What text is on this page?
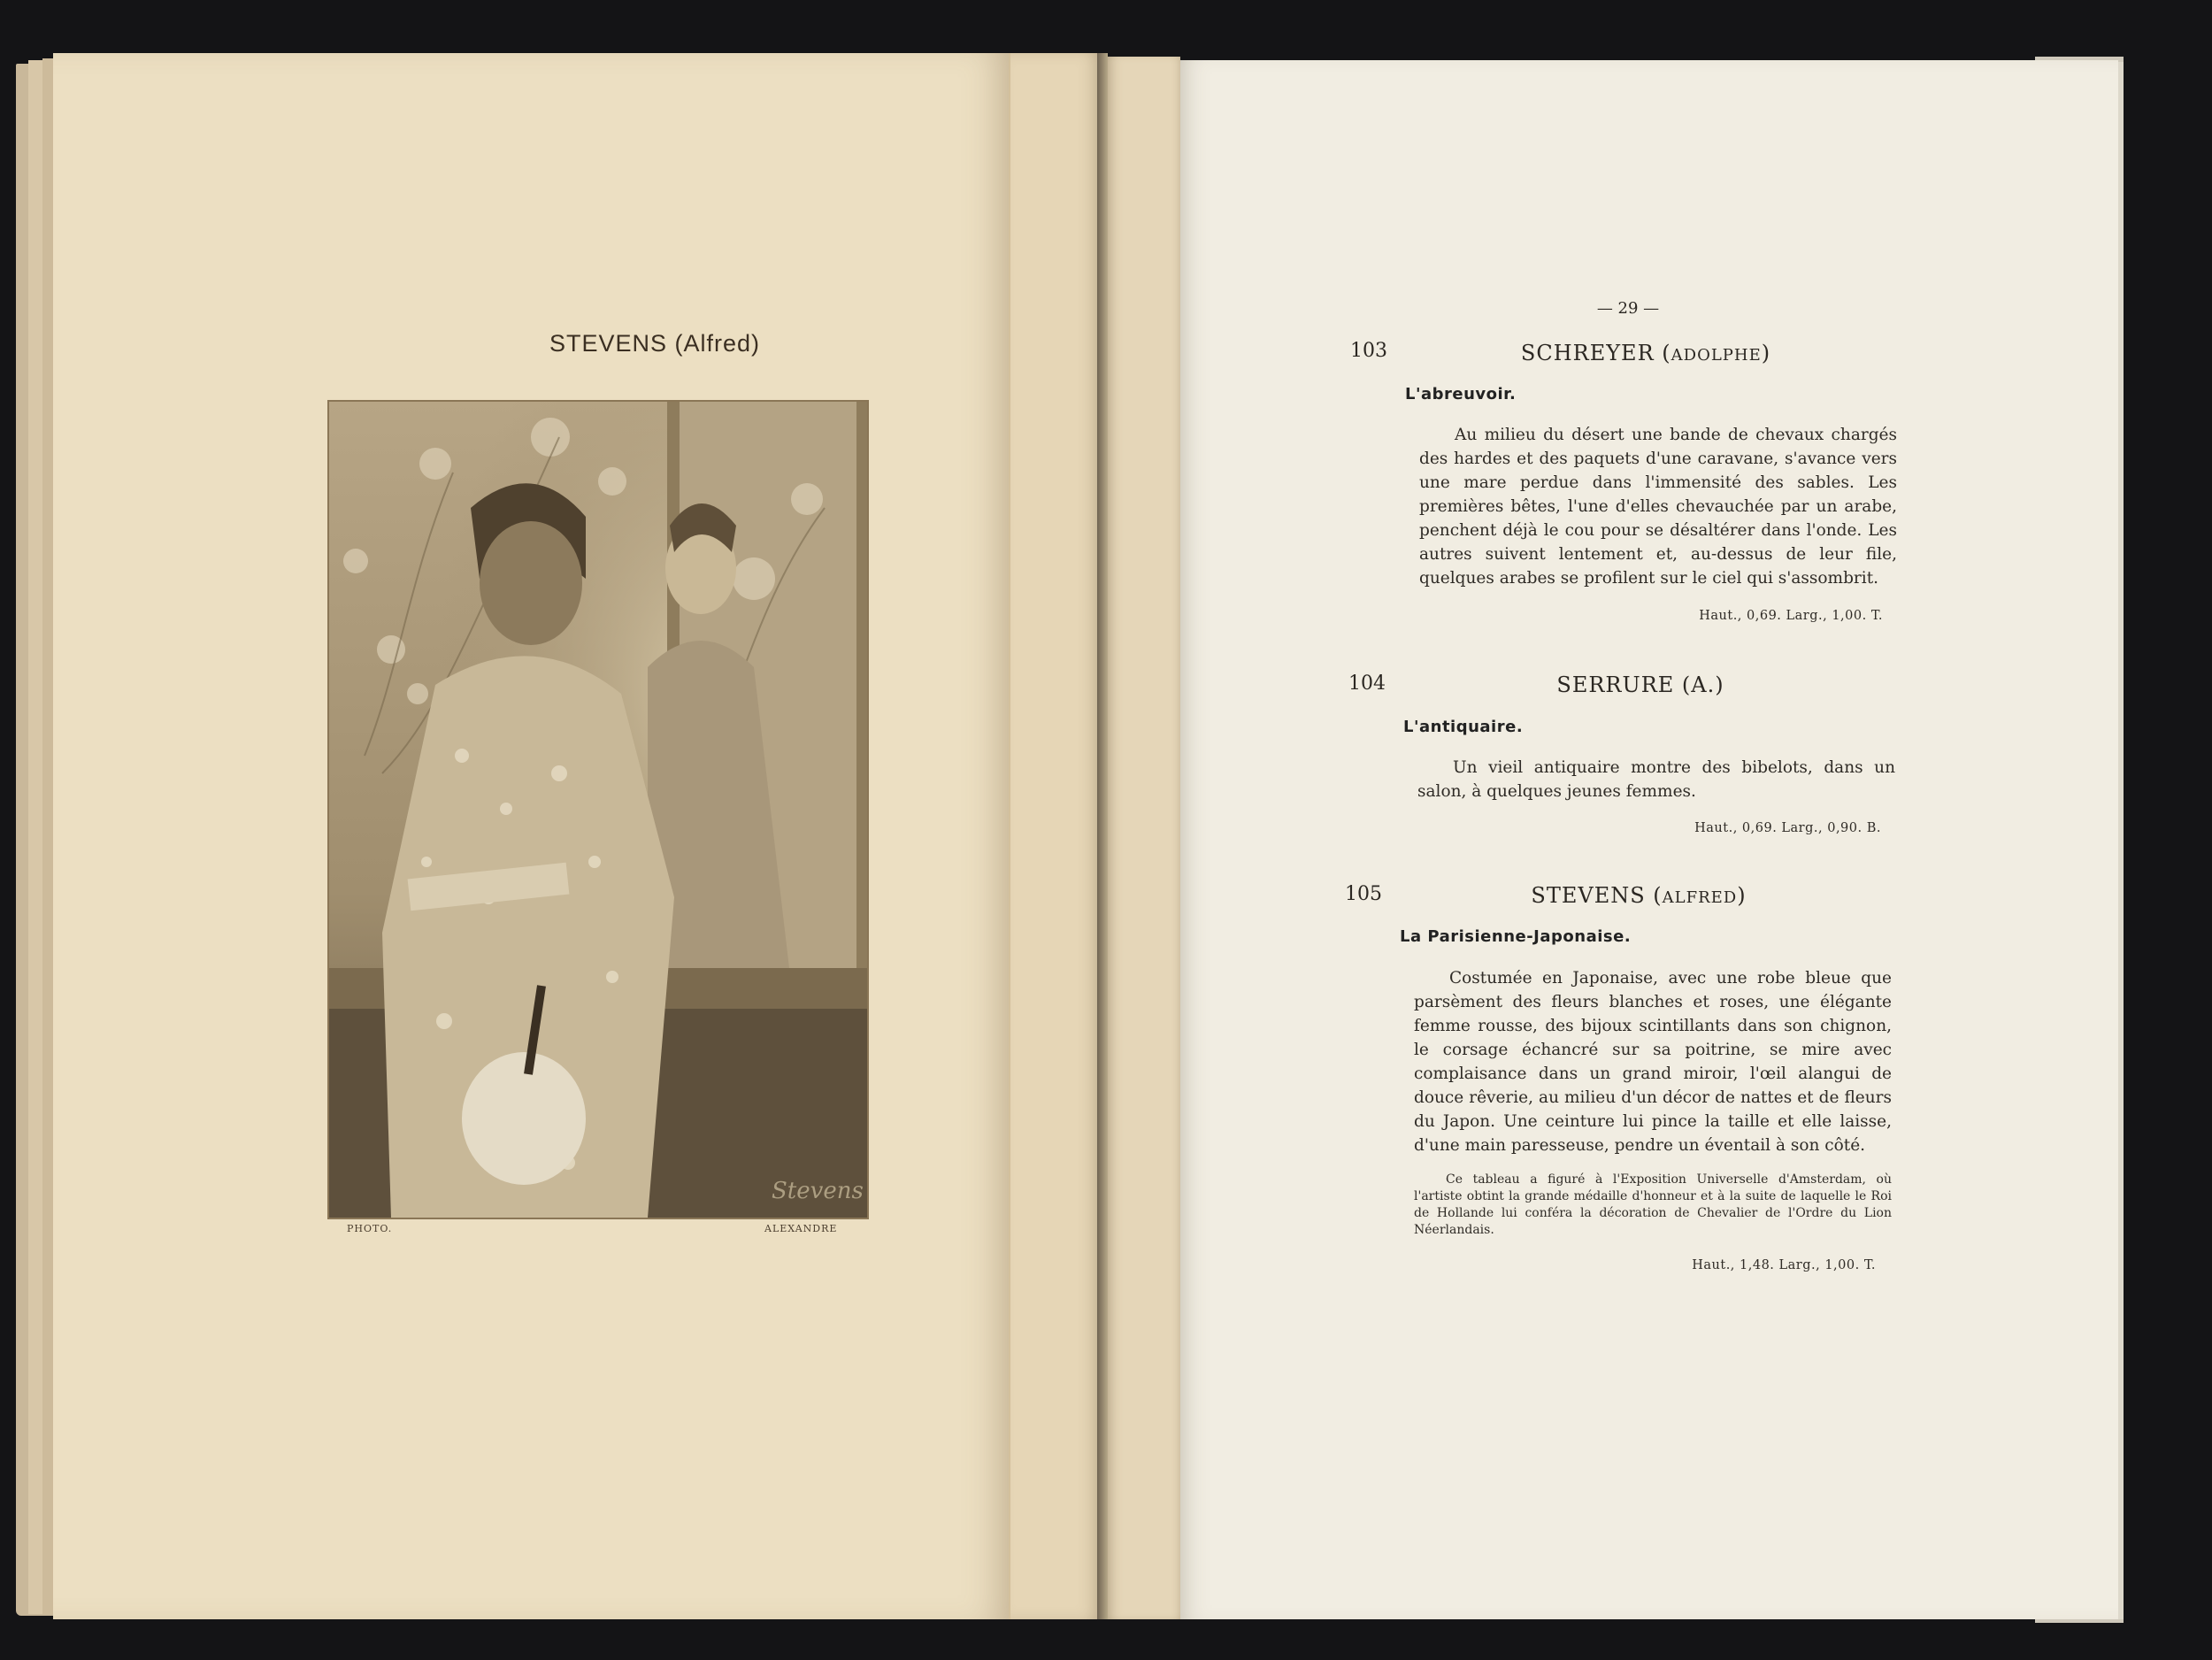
STEVENS (Alfred)
Stevens
PHOTO.	ALEXANDRE
— 29 —
103	SCHREYER (ADOLPHE)
L'abreuvoir.
Au milieu du désert une bande de chevaux chargés des hardes et des paquets d'une caravane, s'avance vers une mare perdue dans l'immensité des sables. Les premières bêtes, l'une d'elles chevauchée par un arabe, penchent déjà le cou pour se désaltérer dans l'onde. Les autres suivent lentement et, au-dessus de leur file, quelques arabes se profilent sur le ciel qui s'assombrit.
Haut., 0,69. Larg., 1,00. T.
104	SERRURE (A.)
L'antiquaire.
Un vieil antiquaire montre des bibelots, dans un salon, à quelques jeunes femmes.
Haut., 0,69. Larg., 0,90. B.
105	STEVENS (ALFRED)
La Parisienne-Japonaise.
Costumée en Japonaise, avec une robe bleue que parsèment des fleurs blanches et roses, une élégante femme rousse, des bijoux scintillants dans son chignon, le corsage échancré sur sa poitrine, se mire avec complaisance dans un grand miroir, l'œil alangui de douce rêverie, au milieu d'un décor de nattes et de fleurs du Japon. Une ceinture lui pince la taille et elle laisse, d'une main paresseuse, pendre un éventail à son côté.
Ce tableau a figuré à l'Exposition Universelle d'Amsterdam, où l'artiste obtint la grande médaille d'honneur et à la suite de laquelle le Roi de Hollande lui conféra la décoration de Chevalier de l'Ordre du Lion Néerlandais.
Haut., 1,48. Larg., 1,00. T.
